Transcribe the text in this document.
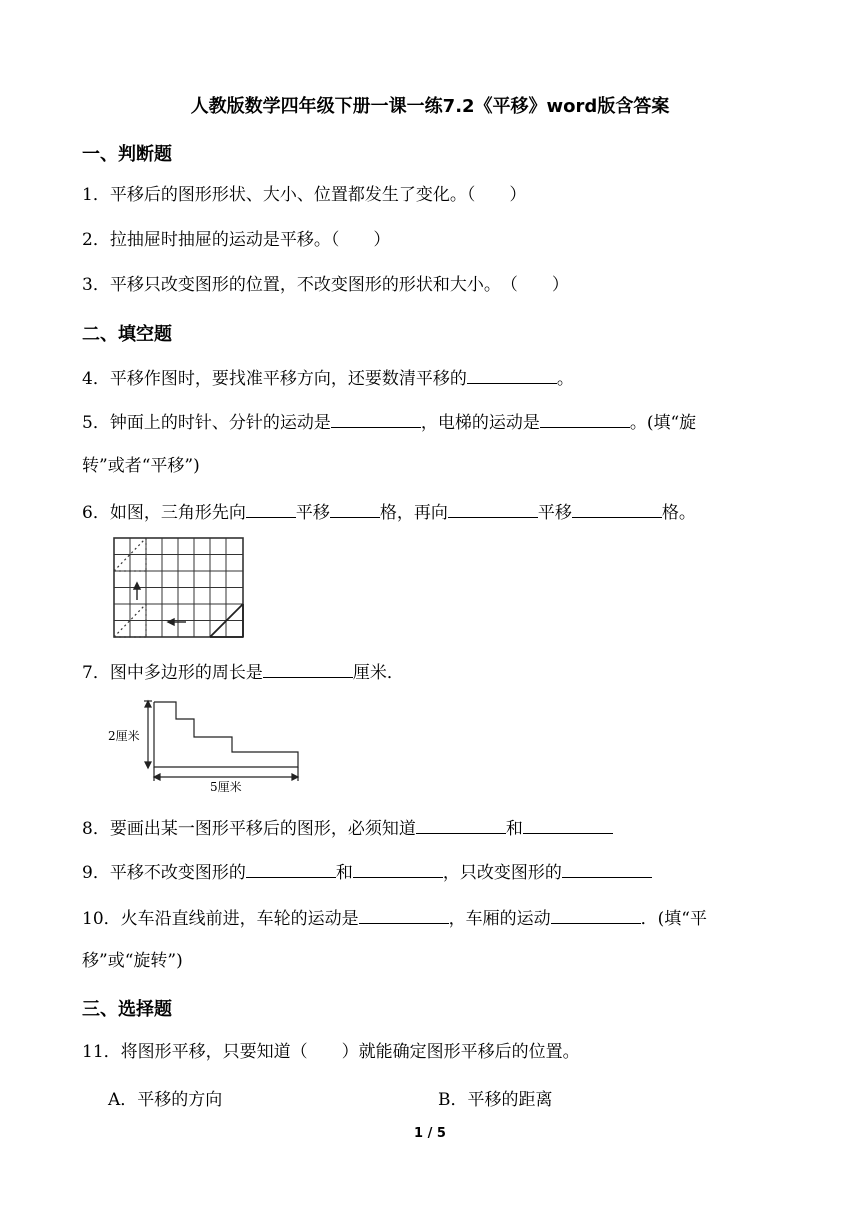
人教版数学四年级下册一课一练7.2《平移》word版含答案
一、判断题
1．平移后的图形形状、大小、位置都发生了变化。（　　）
2．拉抽屉时抽屉的运动是平移。（　　）
3．平移只改变图形的位置，不改变图形的形状和大小。　（　　）
二、填空题
4．平移作图时，要找准平移方向，还要数清平移的	。
5．钟面上的时针、分针的运动是	，电梯的运动是	。(填“旋
转”或者“平移”)
6．如图，三角形先向	平移	格，再向	平移	格。
7．图中多边形的周长是	厘米．
2厘米
5厘米
8．要画出某一图形平移后的图形，必须知道	和
9．平移不改变图形的	和	，只改变图形的
10．火车沿直线前进，车轮的运动是	，车厢的运动	．(填“平
移”或“旋转”)
三、选择题
11．将图形平移，只要知道（　　）就能确定图形平移后的位置。
A．平移的方向	B．平移的距离
1 / 5
